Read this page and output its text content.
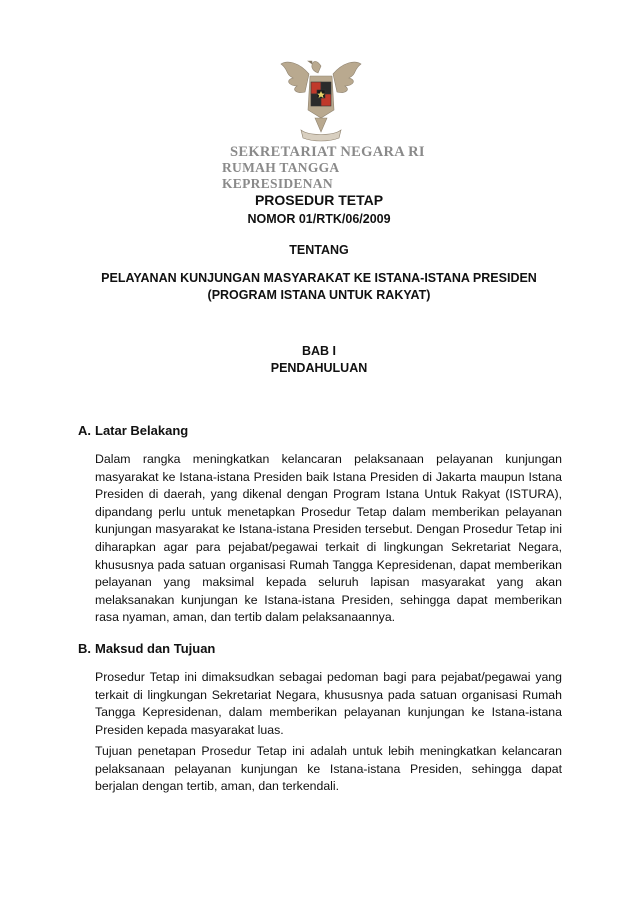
SEKRETARIAT NEGARA RI
RUMAH TANGGA KEPRESIDENAN
PROSEDUR TETAP
NOMOR 01/RTK/06/2009
TENTANG
PELAYANAN KUNJUNGAN MASYARAKAT KE ISTANA-ISTANA PRESIDEN
(PROGRAM ISTANA UNTUK RAKYAT)
BAB I
PENDAHULUAN
A. Latar Belakang
Dalam rangka meningkatkan kelancaran pelaksanaan pelayanan kunjungan masyarakat ke Istana-istana Presiden baik Istana Presiden di Jakarta maupun Istana Presiden di daerah, yang dikenal dengan Program Istana Untuk Rakyat (ISTURA), dipandang perlu untuk menetapkan Prosedur Tetap dalam memberikan pelayanan kunjungan masyarakat ke Istana-istana Presiden tersebut. Dengan Prosedur Tetap ini diharapkan agar para pejabat/pegawai terkait di lingkungan Sekretariat Negara, khususnya pada satuan organisasi Rumah Tangga Kepresidenan, dapat memberikan pelayanan yang maksimal kepada seluruh lapisan masyarakat yang akan melaksanakan kunjungan ke Istana-istana Presiden, sehingga dapat memberikan rasa nyaman, aman, dan tertib dalam pelaksanaannya.
B. Maksud dan Tujuan
Prosedur Tetap ini dimaksudkan sebagai pedoman bagi para pejabat/pegawai yang terkait di lingkungan Sekretariat Negara, khususnya pada satuan organisasi Rumah Tangga Kepresidenan, dalam memberikan pelayanan kunjungan ke Istana-istana Presiden kepada masyarakat luas.
Tujuan penetapan Prosedur Tetap ini adalah untuk lebih meningkatkan kelancaran pelaksanaan pelayanan kunjungan ke Istana-istana Presiden, sehingga dapat berjalan dengan tertib, aman, dan terkendali.
